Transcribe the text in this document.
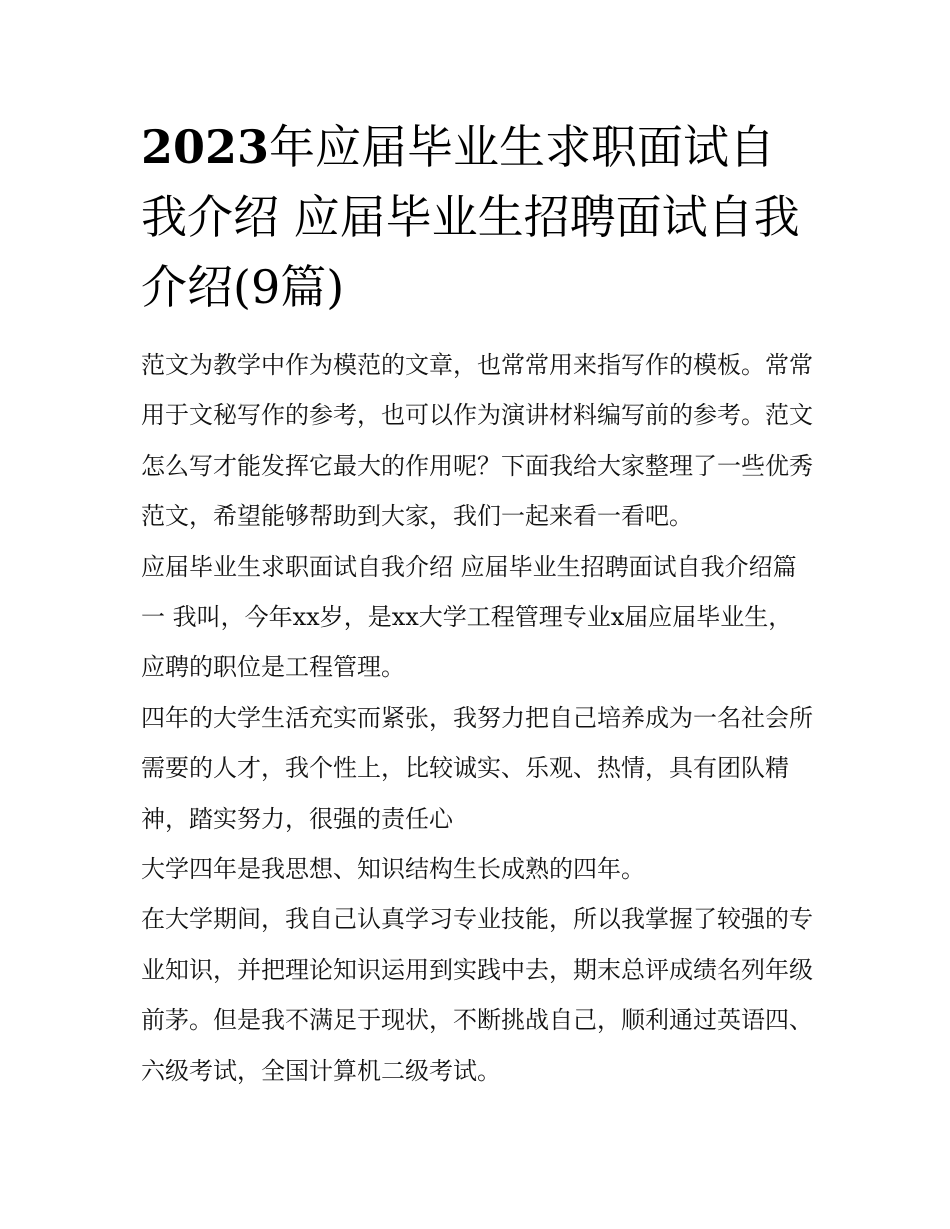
2023年应届毕业生求职面试自我介绍 应届毕业生招聘面试自我介绍(9篇)

范文为教学中作为模范的文章，也常常用来指写作的模板。常常用于文秘写作的参考，也可以作为演讲材料编写前的参考。范文怎么写才能发挥它最大的作用呢？下面我给大家整理了一些优秀范文，希望能够帮助到大家，我们一起来看一看吧。

应届毕业生求职面试自我介绍 应届毕业生招聘面试自我介绍篇一 我叫，今年xx岁，是xx大学工程管理专业x届应届毕业生，应聘的职位是工程管理。

四年的大学生活充实而紧张，我努力把自己培养成为一名社会所需要的人才，我个性上，比较诚实、乐观、热情，具有团队精神，踏实努力，很强的责任心

大学四年是我思想、知识结构生长成熟的四年。

在大学期间，我自己认真学习专业技能，所以我掌握了较强的专业知识，并把理论知识运用到实践中去，期末总评成绩名列年级前茅。但是我不满足于现状，不断挑战自己，顺利通过英语四、六级考试，全国计算机二级考试。
